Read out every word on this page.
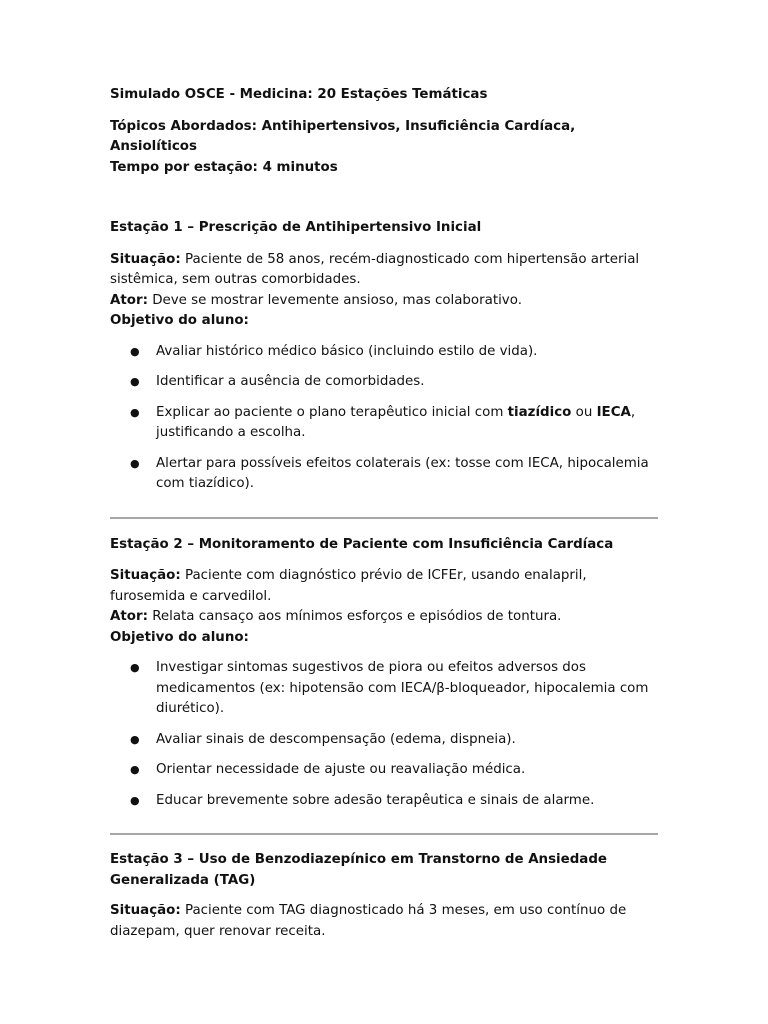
Simulado OSCE - Medicina: 20 Estações Temáticas

Tópicos Abordados: Antihipertensivos, Insuficiência Cardíaca, Ansiolíticos

Tempo por estação: 4 minutos

Estação 1 – Prescrição de Antihipertensivo Inicial

Situação: Paciente de 58 anos, recém-diagnosticado com hipertensão arterial sistêmica, sem outras comorbidades.

Ator: Deve se mostrar levemente ansioso, mas colaborativo.

Objetivo do aluno:

● Avaliar histórico médico básico (incluindo estilo de vida).
● Identificar a ausência de comorbidades.
● Explicar ao paciente o plano terapêutico inicial com tiazídico ou IECA, justificando a escolha.
● Alertar para possíveis efeitos colaterais (ex: tosse com IECA, hipocalemia com tiazídico).

Estação 2 – Monitoramento de Paciente com Insuficiência Cardíaca

Situação: Paciente com diagnóstico prévio de ICFEr, usando enalapril, furosemida e carvedilol.

Ator: Relata cansaço aos mínimos esforços e episódios de tontura.

Objetivo do aluno:

● Investigar sintomas sugestivos de piora ou efeitos adversos dos medicamentos (ex: hipotensão com IECA/β-bloqueador, hipocalemia com diurético).
● Avaliar sinais de descompensação (edema, dispneia).
● Orientar necessidade de ajuste ou reavaliação médica.
● Educar brevemente sobre adesão terapêutica e sinais de alarme.

Estação 3 – Uso de Benzodiazepínico em Transtorno de Ansiedade Generalizada (TAG)

Situação: Paciente com TAG diagnosticado há 3 meses, em uso contínuo de diazepam, quer renovar receita.
